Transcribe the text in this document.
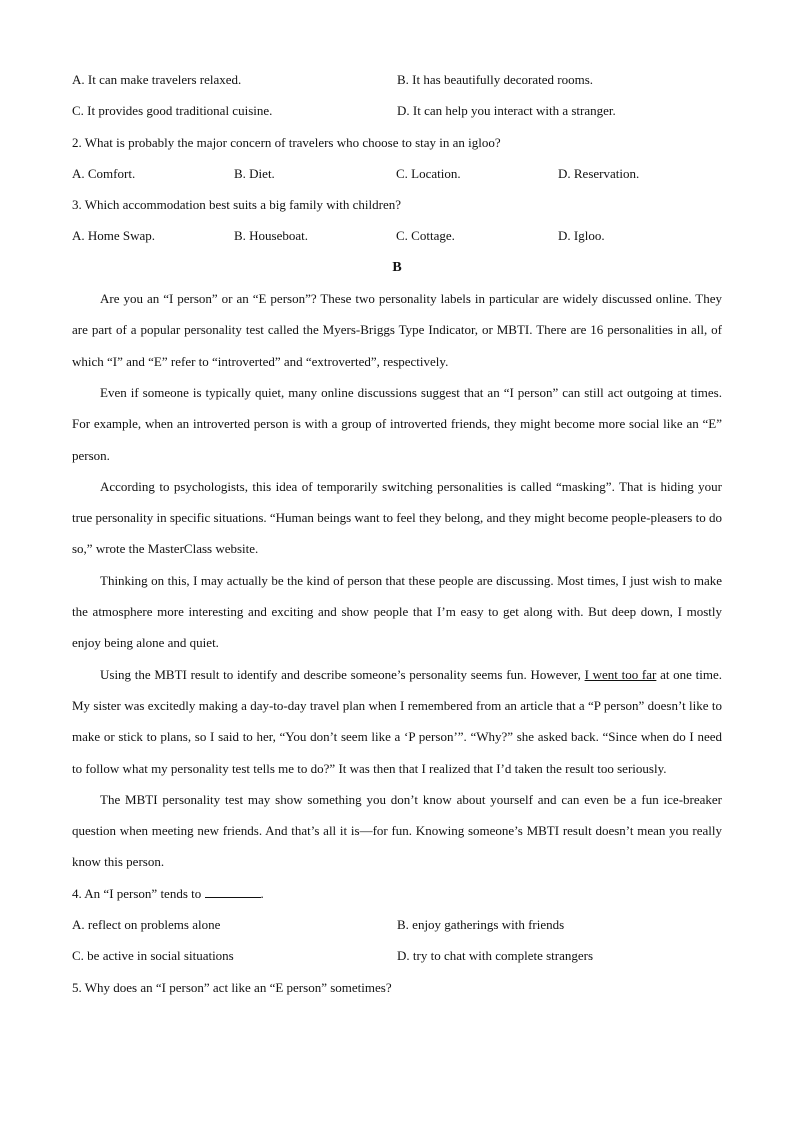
A. It can make travelers relaxed.	B. It has beautifully decorated rooms.
C. It provides good traditional cuisine.	D. It can help you interact with a stranger.
2. What is probably the major concern of travelers who choose to stay in an igloo?
A. Comfort.	B. Diet.	C. Location.	D. Reservation.
3. Which accommodation best suits a big family with children?
A. Home Swap.	B. Houseboat.	C. Cottage.	D. Igloo.
B

Are you an “I person” or an “E person”? These two personality labels in particular are widely discussed online. They are part of a popular personality test called the Myers-Briggs Type Indicator, or MBTI. There are 16 personalities in all, of which “I” and “E” refer to “introverted” and “extroverted”, respectively.

Even if someone is typically quiet, many online discussions suggest that an “I person” can still act outgoing at times. For example, when an introverted person is with a group of introverted friends, they might become more social like an “E” person.

According to psychologists, this idea of temporarily switching personalities is called “masking”. That is hiding your true personality in specific situations. “Human beings want to feel they belong, and they might become people-pleasers to do so,” wrote the MasterClass website.

Thinking on this, I may actually be the kind of person that these people are discussing. Most times, I just wish to make the atmosphere more interesting and exciting and show people that I’m easy to get along with. But deep down, I mostly enjoy being alone and quiet.

Using the MBTI result to identify and describe someone’s personality seems fun. However, I went too far at one time. My sister was excitedly making a day-to-day travel plan when I remembered from an article that a “P person” doesn’t like to make or stick to plans, so I said to her, “You don’t seem like a ‘P person’”. “Why?” she asked back. “Since when do I need to follow what my personality test tells me to do?” It was then that I realized that I’d taken the result too seriously.

The MBTI personality test may show something you don’t know about yourself and can even be a fun ice-breaker question when meeting new friends. And that’s all it is—for fun. Knowing someone’s MBTI result doesn’t mean you really know this person.

4. An “I person” tends to	.
A. reflect on problems alone	B. enjoy gatherings with friends
C. be active in social situations	D. try to chat with complete strangers
5. Why does an “I person” act like an “E person” sometimes?
